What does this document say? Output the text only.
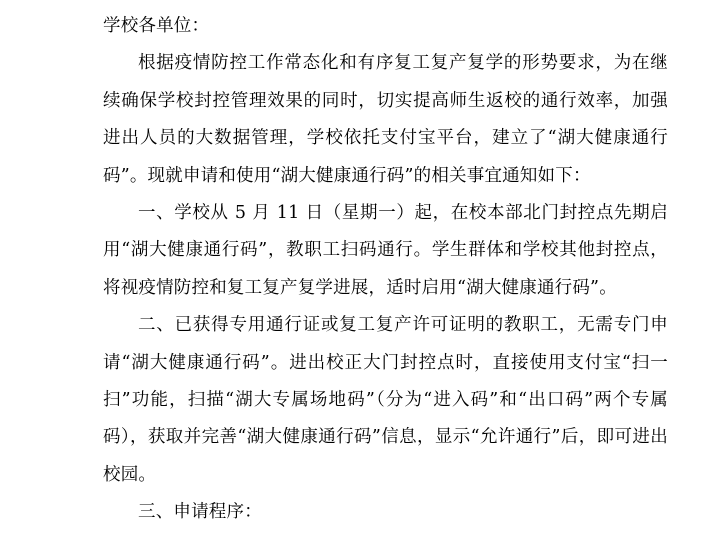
学校各单位：

根据疫情防控工作常态化和有序复工复产复学的形势要求，为在继续确保学校封控管理效果的同时，切实提高师生返校的通行效率，加强进出人员的大数据管理，学校依托支付宝平台，建立了“湖大健康通行码”。现就申请和使用“湖大健康通行码”的相关事宜通知如下：

一、学校从 5 月 11 日（星期一）起，在校本部北门封控点先期启用“湖大健康通行码”，教职工扫码通行。学生群体和学校其他封控点，将视疫情防控和复工复产复学进展，适时启用“湖大健康通行码”。

二、已获得专用通行证或复工复产许可证明的教职工，无需专门申请“湖大健康通行码”。进出校正大门封控点时，直接使用支付宝“扫一扫”功能，扫描“湖大专属场地码”（分为“进入码”和“出口码”两个专属码），获取并完善“湖大健康通行码”信息，显示“允许通行”后，即可进出校园。

三、申请程序：
